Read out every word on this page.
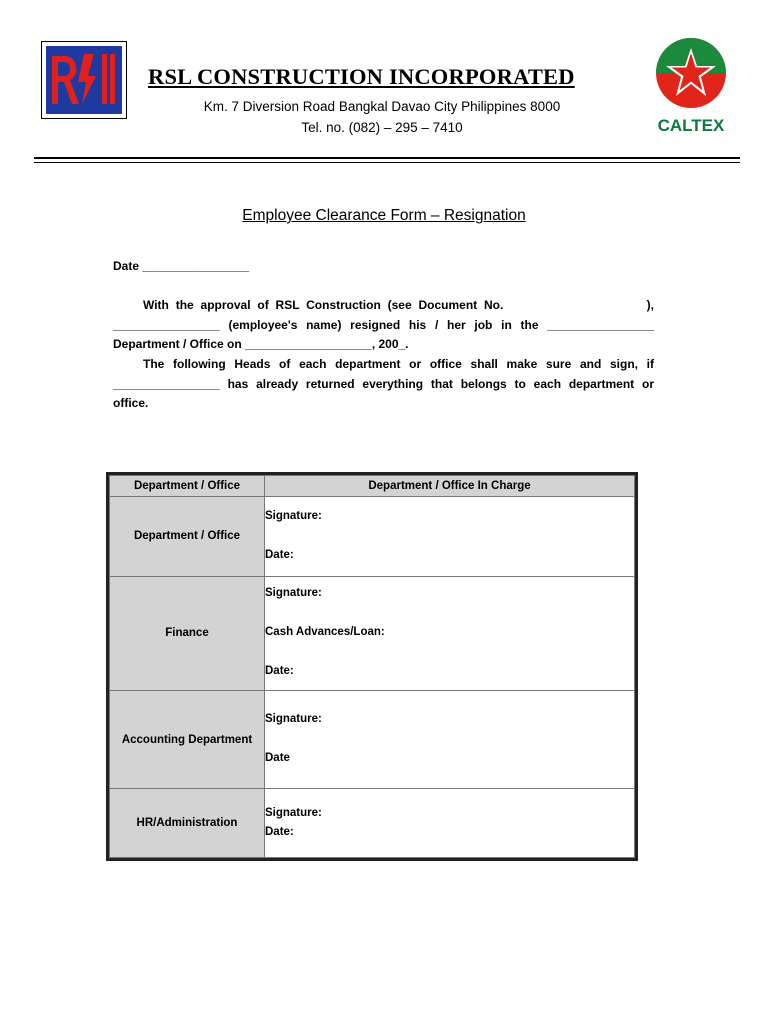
RSL CONSTRUCTION INCORPORATED
Km. 7 Diversion Road Bangkal Davao City Philippines 8000
Tel. no. (082) – 295 – 7410	CALTEX
Employee Clearance Form – Resignation
Date ________________
With the approval of RSL Construction (see Document No.                     ),
________________ (employee's name) resigned his / her job in the ________________
Department / Office on ___________________, 200_.
The following Heads of each department or office shall make sure and sign, if
________________ has already returned everything that belongs to each department or
office.
Department / Office	Department / Office In Charge
Department / Office	Signature:
Date:

Finance	Signature:
Cash Advances/Loan:
Date:

Accounting Department	Signature:
Date

HR/Administration	Signature:
Date:
